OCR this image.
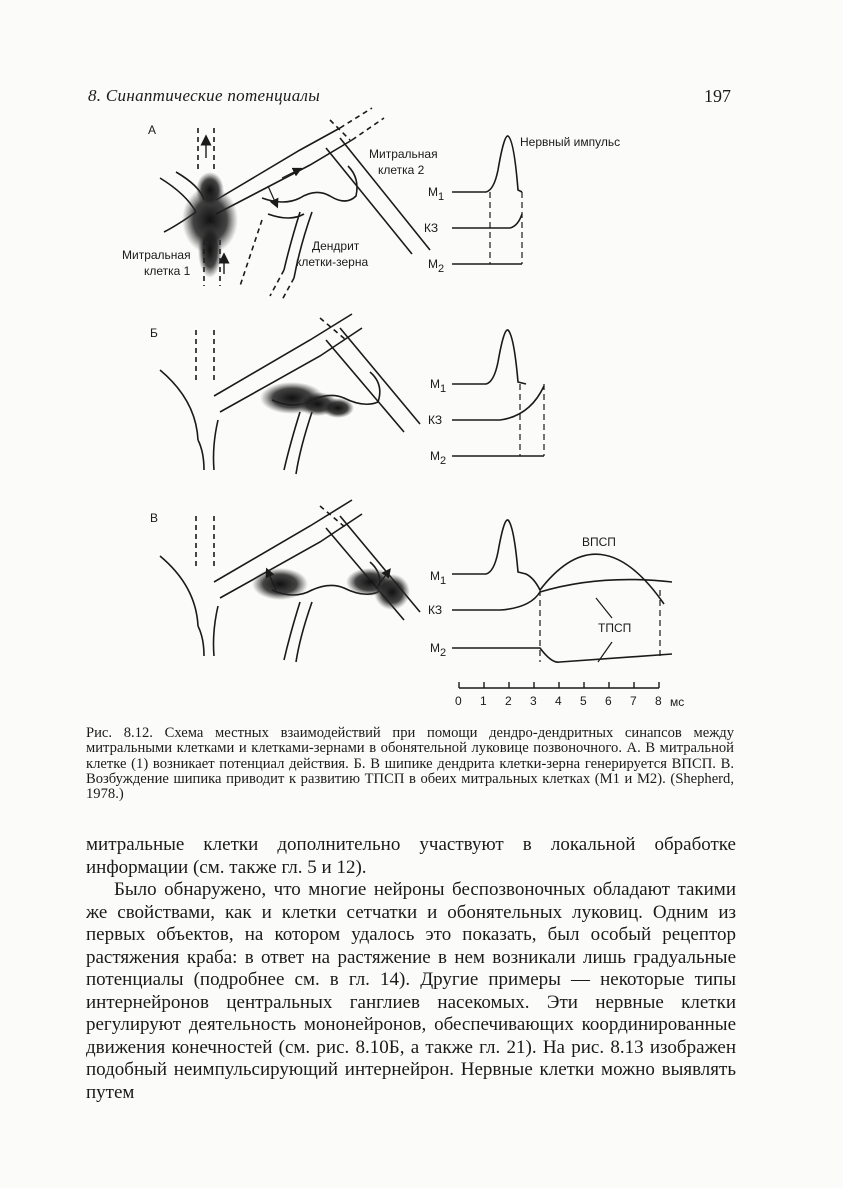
8. Синаптические потенциалы	197
А
Митральная
клетка 2
Митральная
клетка 1
Дендрит
клетки-зерна
Нервный импульс
М1
КЗ
М2
Б
М1
КЗ
М2
В
ВПСП
ТПСП
М1
КЗ
М2
0 1 2 3 4 5 6 7 8 мс

Рис. 8.12. Схема местных взаимодействий при помощи дендро-дендритных синапсов между митральными клетками и клетками-зернами в обонятельной луковице позвоночного. А. В митральной клетке (1) возникает потенциал действия. Б. В шипике дендрита клетки-зерна генерируется ВПСП. В. Возбуждение шипика приводит к развитию ТПСП в обеих митральных клетках (М1 и М2). (Shepherd, 1978.)

митральные клетки дополнительно участвуют в локальной обработке информации (см. также гл. 5 и 12).

Было обнаружено, что многие нейроны беспозвоночных обладают такими же свойствами, как и клетки сетчатки и обонятельных луковиц. Одним из первых объектов, на котором удалось это показать, был особый рецептор растяжения краба: в ответ на растяжение в нем возникали лишь градуальные потенциалы (подробнее см. в гл. 14). Другие примеры — некоторые типы интернейронов центральных ганглиев насекомых. Эти нервные клетки регулируют деятельность мононейронов, обеспечивающих координированные движения конечностей (см. рис. 8.10Б, а также гл. 21). На рис. 8.13 изображен подобный неимпульсирующий интернейрон. Нервные клетки можно выявлять путем
